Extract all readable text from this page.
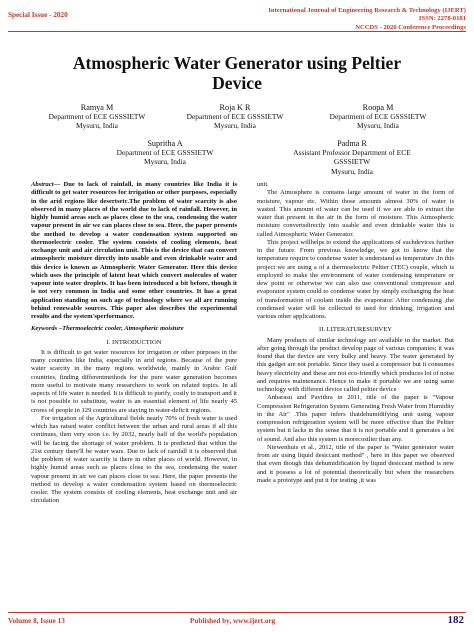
Special Issue - 2020
International Journal of Engineering Research & Technology (IJERT)
ISSN: 2278-0181
NCCDS - 2020 Conference Proceedings
Atmospheric Water Generator using Peltier
Device
Ramya M
Department of ECE GSSSIETW
Mysuru, India
Roja K R
Department of ECE GSSSIETW
Mysuru, India
Roopa M
Department of ECE GSSSIETW
Mysuru, India
Supritha A
Department of ECE GSSSIETW
Mysuru, India
Padma R
Assistant Professor Department of ECE
GSSSIETW
Mysuru, India

Abstract— Due to lack of rainfall, in many countries like India it is difficult to get water resources for irrigation or other purposes, especially in the arid regions like desertsetc.The problem of water scarcity is also observed in many places of the world due to lack of rainfall. However, in highly humid areas such as places close to the sea, condensing the water vapour present in air we can places close to sea. Here, the paper presents the method to develop a water condensation system supported on thermoelectric cooler. The system consists of cooling elements, heat exchange unit and air circulation unit. This is the device that can convert atmospheric moisture directly into usable and even drinkable water and this device is known as Atmospheric Water Generator. Here this device which uses the principle of latent heat which convert molecules of water vapour into water droplets. It has been introduced a bit before, though it is not very common in India and some other countries. It has a great application standing on such age of technology where we all are running behind renewable sources. This paper also describes the experimental results and the system'sperformance.

Keywords –Thermoelectric cooler, Atmospheric moisture

I. INTRODUCTION

It is difficult to get water resources for irrigation or other purposes in the many countries like India, especially in arid regions. Because of the pure water scarcity in the many regions worldwide, mainly in Arabic Gulf countries, finding differentmethods for the pure water generation becomes more useful to motivate many researchers to work on related topics. In all aspects of life water is needed. It is difficult to purify, costly to transport and it is not possible to substitute, water is an essential element of life nearly 45 crores of people in 129 countries are staying in water-deficit regions.

For irrigation of the Agricultural fields nearly 70% of fresh water is used which has raised water conflict between the urban and rural areas if all this continues, then very soon i.e. by 2032, nearly half of the world's population will be facing the shortage of water problem. It is predicted that within the 21st century there'll be water wars. Due to lack of rainfall it is observed that the problem of water scarcity is there in other places of world. However, in highly humid areas such as places close to the sea, condensing the water vapour present in air we can places close to sea. Here, the paper presents the method to develop a water condensation system based on thermoelectric cooler. The system consists of cooling elements, heat exchange unit and air circulation

unit.

The Atmosphere is contains large amount of water in the form of moisture, vapour etc. Within those amounts almost 30% of water is wasted. This amount of water can be used if we are able to extract the water that present in the air in the form of moisture. This Atmospheric moisture convertsdirectly into usable and even drinkable water this is called Atmospheric Water Generator.

This project willhelps to extend the applications of suchdevices further in the future. From previous knowledge, we got to know that the temperature require to condense water is understand as temperature .In this project we are using a of a thermoelectric Peltier (TEC) couple, which is employed to make the environment of water condensing temperature or dew point or otherwise we can also use conventional compressor and evaporator system could to condense water by simply exchanging the heat of transformation of coolant inside the evaporator. After condensing ,the condensed water will be collected to used for drinking, irrigation and various other applications.

II. LITERATURESURVEY

Many products of similar technology are available in the market. But after going through the product develop page of various companies; it was found that the device are very bulky and heavy. The water generated by this gadget are not portable. Since they used a compressor but it consumes heavy electricity and these are not eco-friendly which produces lot of noise and requires maintenance. Hence to make it portable we are using same technology with different device called peltier device

Anbarasu and Pavithra in 2011, title of the paper is "Vapour Compression Refrigeration System Generating Fresh Water from Humidity in the Air" .This paper infers thatdehumidifying unit using vapour compression refrigeration system will be more effective than the Peltier system but it lacks in the sense that it is not portable and it generates a lot of sound. And also this system is morecostlier than any.

Niewenhuis et al., 2012, title of the paper is "Water generator water from air using liquid desiccant method" , here in this paper we observed that even though this dehumidification by liquid desiccant method is new and it possess a lot of potential theoretically but when the researchers made a prototype and put it for testing ,it was

Volume 8, Issue 13	Published by, www.ijert.org	182
